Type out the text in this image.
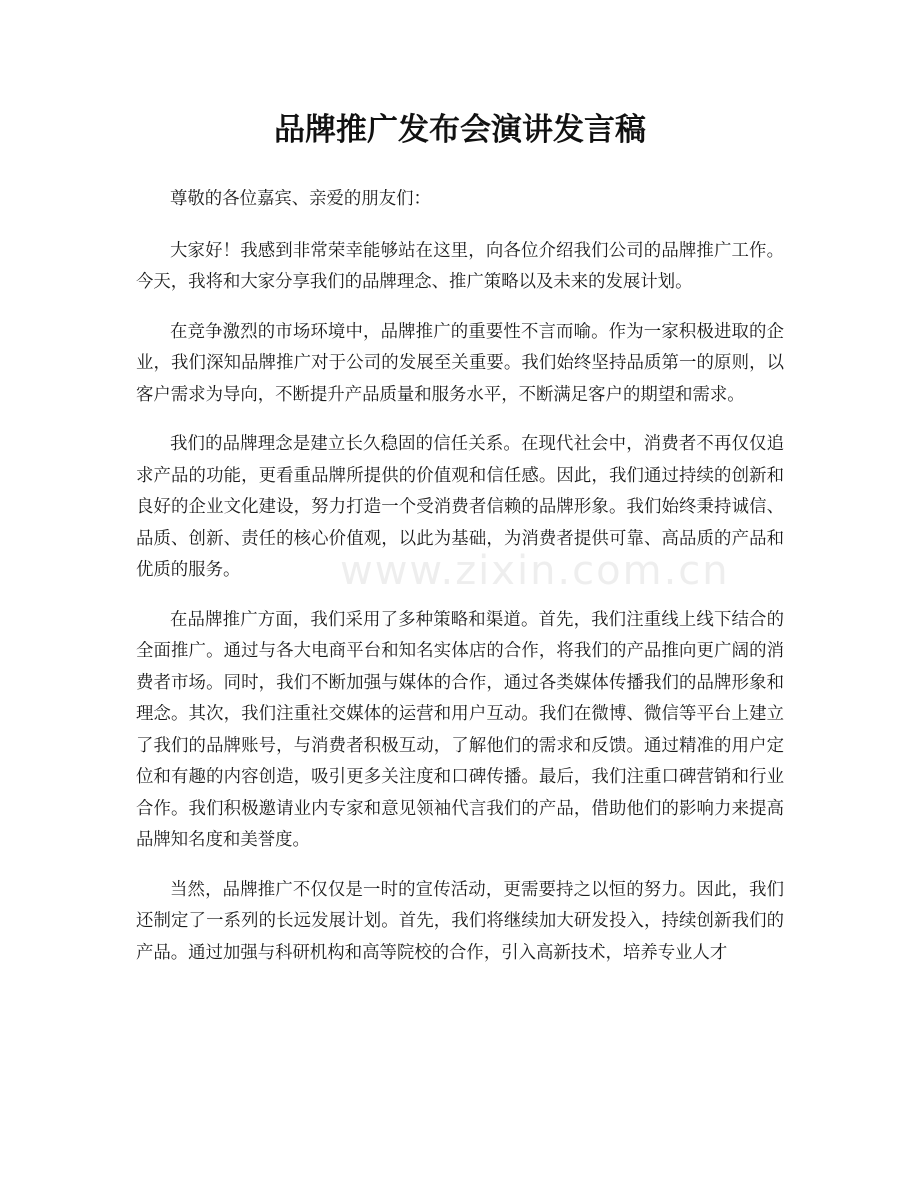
品牌推广发布会演讲发言稿
www.zixin.com.cn

尊敬的各位嘉宾、亲爱的朋友们：

大家好！我感到非常荣幸能够站在这里，向各位介绍我们公司的品牌推广工作。今天，我将和大家分享我们的品牌理念、推广策略以及未来的发展计划。

在竞争激烈的市场环境中，品牌推广的重要性不言而喻。作为一家积极进取的企业，我们深知品牌推广对于公司的发展至关重要。我们始终坚持品质第一的原则，以客户需求为导向，不断提升产品质量和服务水平，不断满足客户的期望和需求。

我们的品牌理念是建立长久稳固的信任关系。在现代社会中，消费者不再仅仅追求产品的功能，更看重品牌所提供的价值观和信任感。因此，我们通过持续的创新和良好的企业文化建设，努力打造一个受消费者信赖的品牌形象。我们始终秉持诚信、品质、创新、责任的核心价值观，以此为基础，为消费者提供可靠、高品质的产品和优质的服务。

在品牌推广方面，我们采用了多种策略和渠道。首先，我们注重线上线下结合的全面推广。通过与各大电商平台和知名实体店的合作，将我们的产品推向更广阔的消费者市场。同时，我们不断加强与媒体的合作，通过各类媒体传播我们的品牌形象和理念。其次，我们注重社交媒体的运营和用户互动。我们在微博、微信等平台上建立了我们的品牌账号，与消费者积极互动，了解他们的需求和反馈。通过精准的用户定位和有趣的内容创造，吸引更多关注度和口碑传播。最后，我们注重口碑营销和行业合作。我们积极邀请业内专家和意见领袖代言我们的产品，借助他们的影响力来提高品牌知名度和美誉度。

当然，品牌推广不仅仅是一时的宣传活动，更需要持之以恒的努力。因此，我们还制定了一系列的长远发展计划。首先，我们将继续加大研发投入，持续创新我们的产品。通过加强与科研机构和高等院校的合作，引入高新技术，培养专业人才
